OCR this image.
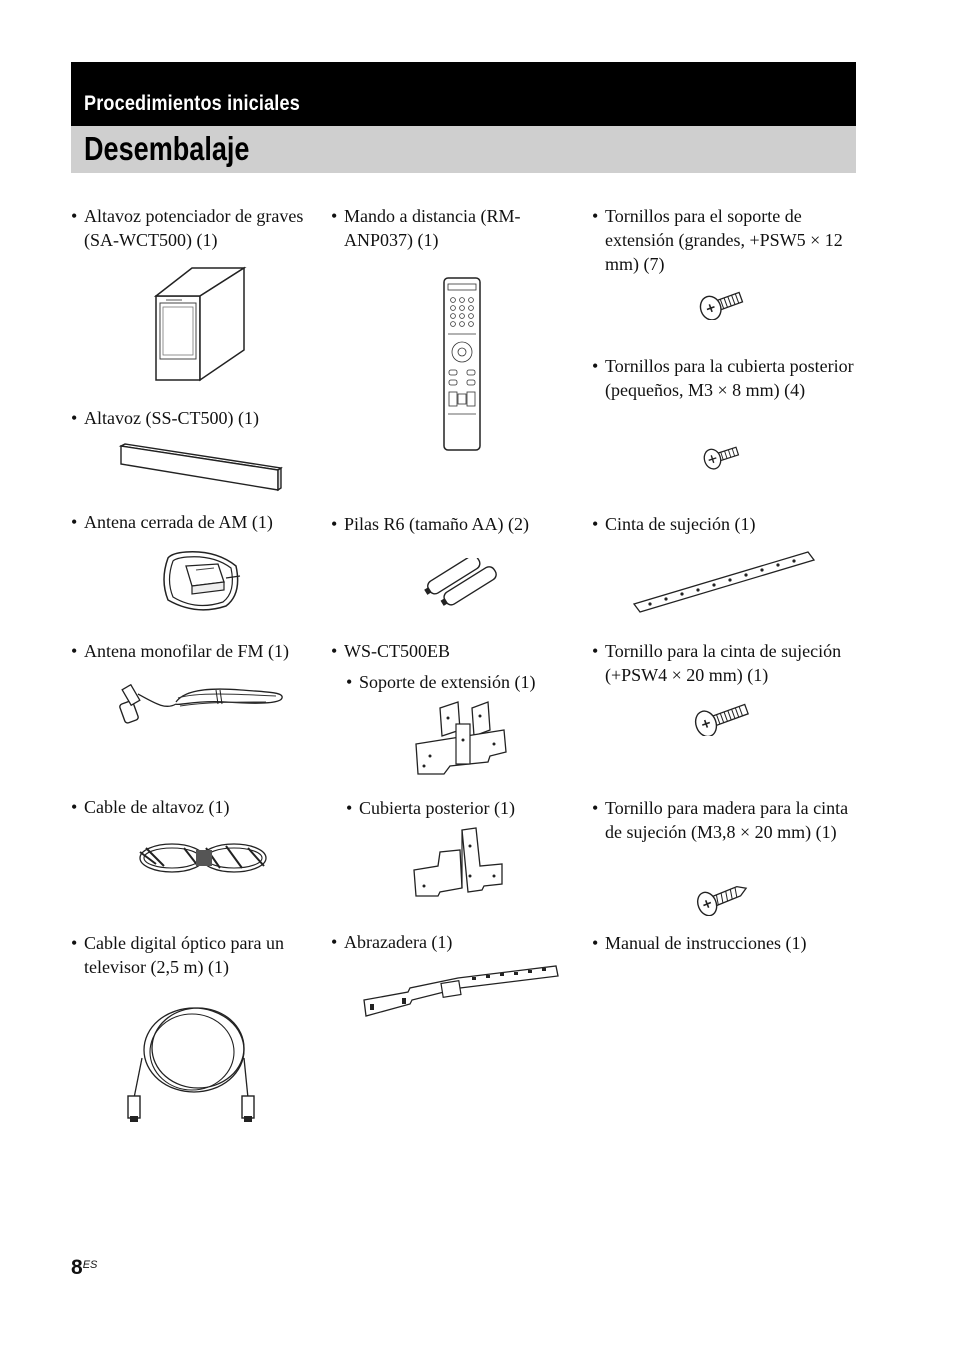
Procedimientos iniciales
Desembalaje
• Altavoz potenciador de graves (SA-WCT500) (1)
• Altavoz (SS-CT500) (1)
• Antena cerrada de AM (1)
• Antena monofilar de FM (1)
• Cable de altavoz (1)
• Cable digital óptico para un televisor (2,5 m) (1)
• Mando a distancia (RM-ANP037) (1)
• Pilas R6 (tamaño AA) (2)
• WS-CT500EB
• Soporte de extensión (1)
• Cubierta posterior (1)
• Abrazadera (1)
• Tornillos para el soporte de extensión (grandes, +PSW5 × 12 mm) (7)
• Tornillos para la cubierta posterior (pequeños, M3 × 8 mm) (4)
• Cinta de sujeción (1)
• Tornillo para la cinta de sujeción (+PSW4 × 20 mm) (1)
• Tornillo para madera para la cinta de sujeción (M3,8 × 20 mm) (1)
• Manual de instrucciones (1)
$8^{ES}$
